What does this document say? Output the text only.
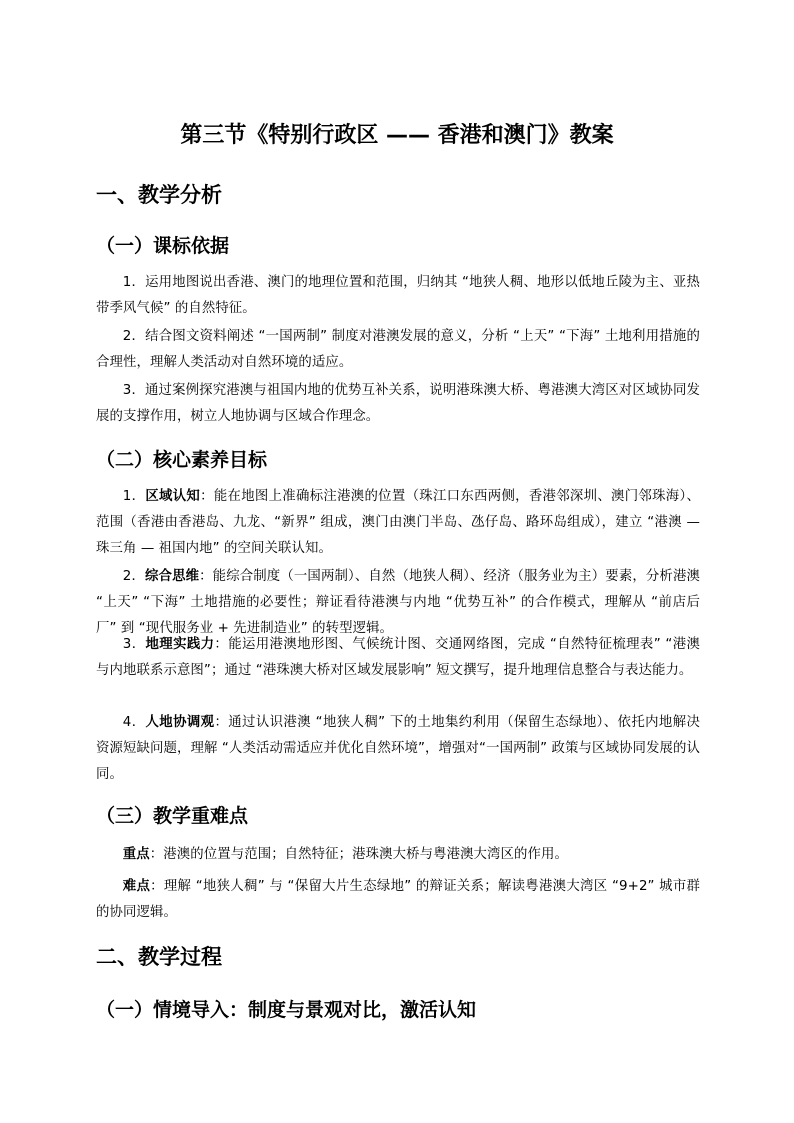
第三节《特别行政区 —— 香港和澳门》教案
一、教学分析
（一）课标依据
1．运用地图说出香港、澳门的地理位置和范围，归纳其 “地狭人稠、地形以低地丘陵为主、亚热带季风气候” 的自然特征。
2．结合图文资料阐述 “一国两制” 制度对港澳发展的意义，分析 “上天” “下海” 土地利用措施的合理性，理解人类活动对自然环境的适应。
3．通过案例探究港澳与祖国内地的优势互补关系，说明港珠澳大桥、粤港澳大湾区对区域协同发展的支撑作用，树立人地协调与区域合作理念。
（二）核心素养目标
1．区域认知：能在地图上准确标注港澳的位置（珠江口东西两侧，香港邻深圳、澳门邻珠海）、范围（香港由香港岛、九龙、“新界” 组成，澳门由澳门半岛、氹仔岛、路环岛组成），建立 “港澳 — 珠三角 — 祖国内地” 的空间关联认知。
2．综合思维：能综合制度（一国两制）、自然（地狭人稠）、经济（服务业为主）要素，分析港澳 “上天” “下海” 土地措施的必要性；辩证看待港澳与内地 “优势互补” 的合作模式，理解从 “前店后厂” 到 “现代服务业 + 先进制造业” 的转型逻辑。
3．地理实践力：能运用港澳地形图、气候统计图、交通网络图，完成 “自然特征梳理表” “港澳与内地联系示意图”；通过 “港珠澳大桥对区域发展影响” 短文撰写，提升地理信息整合与表达能力。
4．人地协调观：通过认识港澳 “地狭人稠” 下的土地集约利用（保留生态绿地）、依托内地解决资源短缺问题，理解 “人类活动需适应并优化自然环境”，增强对“一国两制” 政策与区域协同发展的认同。
（三）教学重难点
重点：港澳的位置与范围；自然特征；港珠澳大桥与粤港澳大湾区的作用。
难点：理解 “地狭人稠” 与 “保留大片生态绿地” 的辩证关系；解读粤港澳大湾区 “9+2” 城市群的协同逻辑。
二、教学过程
（一）情境导入：制度与景观对比，激活认知
